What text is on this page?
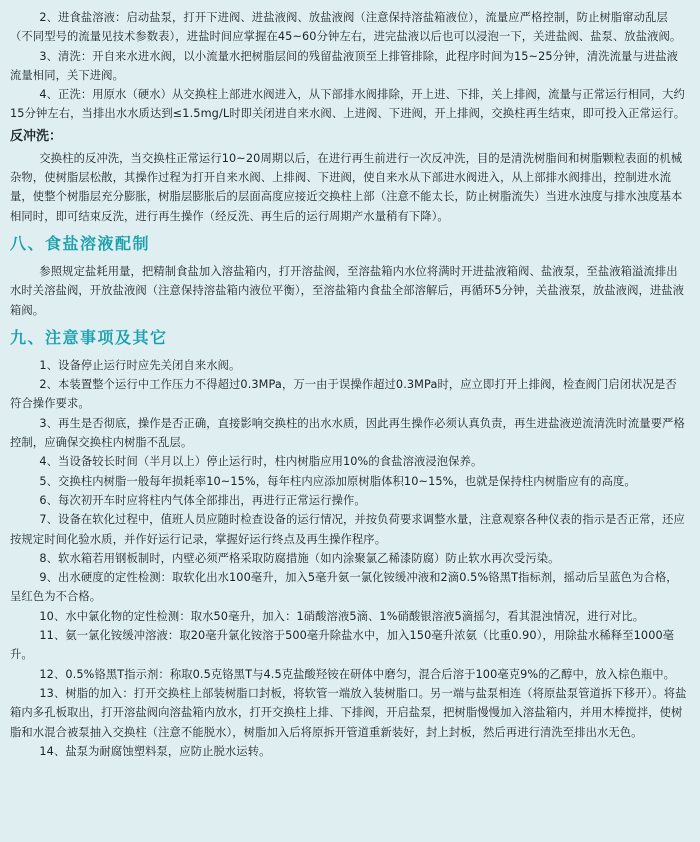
2、进食盐溶液：启动盐泵，打开下进阀、进盐液阀、放盐液阀（注意保持溶盐箱液位），流量应严格控制，防止树脂窜动乱层（不同型号的流量见技术参数表），进盐时间应掌握在45~60分钟左右，进完盐液以后也可以浸泡一下，关进盐阀、盐泵、放盐液阀。

3、清洗：开自来水进水阀，以小流量水把树脂层间的残留盐液顶至上排管排除，此程序时间为15~25分钟，清洗流量与进盐液流量相同，关下进阀。

4、正洗：用原水（硬水）从交换柱上部进水阀进入，从下部排水阀排除，开上进、下排，关上排阀，流量与正常运行相同，大约15分钟左右，当排出水水质达到≤1.5mg/L时即关闭进自来水阀、上进阀、下进阀，开上排阀，交换柱再生结束，即可投入正常运行。

反冲洗：

交换柱的反冲洗，当交换柱正常运行10~20周期以后，在进行再生前进行一次反冲洗，目的是清洗树脂间和树脂颗粒表面的机械杂物，使树脂层松散，其操作过程为打开自来水阀、上排阀、下进阀，使自来水从下部进水阀进入，从上部排水阀排出，控制进水流量，使整个树脂层充分膨胀，树脂层膨胀后的层面高度应接近交换柱上部（注意不能太长，防止树脂流失）当进水浊度与排水浊度基本相同时，即可结束反洗，进行再生操作（经反洗、再生后的运行周期产水量稍有下降）。

八、食盐溶液配制

参照规定盐耗用量，把精制食盐加入溶盐箱内，打开溶盐阀，至溶盐箱内水位将满时开进盐液箱阀、盐液泵，至盐液箱溢流排出水时关溶盐阀，开放盐液阀（注意保持溶盐箱内液位平衡），至溶盐箱内食盐全部溶解后，再循环5分钟，关盐液泵，放盐液阀，进盐液箱阀。

九、注意事项及其它

1、设备停止运行时应先关闭自来水阀。

2、本装置整个运行中工作压力不得超过0.3MPa，万一由于误操作超过0.3MPa时，应立即打开上排阀，检查阀门启闭状况是否符合操作要求。

3、再生是否彻底，操作是否正确，直接影响交换柱的出水水质，因此再生操作必须认真负责，再生进盐液逆流清洗时流量要严格控制，应确保交换柱内树脂不乱层。

4、当设备较长时间（半月以上）停止运行时，柱内树脂应用10%的食盐溶液浸泡保养。

5、交换柱内树脂一般每年损耗率10~15%，每年柱内应添加原树脂体积10~15%，也就是保持柱内树脂应有的高度。

6、每次初开车时应将柱内气体全部排出，再进行正常运行操作。

7、设备在软化过程中，值班人员应随时检查设备的运行情况，并按负荷要求调整水量，注意观察各种仪表的指示是否正常，还应按规定时间化验水质，并作好运行记录，掌握好运行终点及再生操作程序。

8、软水箱若用钢板制时，内壁必须严格采取防腐措施（如内涂聚氯乙稀漆防腐）防止软水再次受污染。

9、出水硬度的定性检测：取软化出水100毫升，加入5毫升氨一氯化铵缓冲液和2滴0.5%铬黑T指标剂，摇动后呈蓝色为合格，呈红色为不合格。

10、水中氯化物的定性检测：取水50毫升，加入：1硝酸溶液5滴、1%硝酸银溶液5滴摇匀，看其混浊情况，进行对比。

11、氨一氯化铵缓冲溶液：取20毫升氯化铵溶于500毫升除盐水中，加入150毫升浓氨（比重0.90），用除盐水稀释至1000毫升。

12、0.5%铬黑T指示剂：称取0.5克铬黑T与4.5克盐酸羟铵在研体中磨匀，混合后溶于100毫克9%的乙醇中，放入棕色瓶中。

13、树脂的加入：打开交换柱上部装树脂口封板，将软管一端放入装树脂口。另一端与盐泵相连（将原盐泵管道拆下移开）。将盐箱内多孔板取出，打开溶盐阀向溶盐箱内放水，打开交换柱上排、下排阀，开启盐泵，把树脂慢慢加入溶盐箱内，并用木棒搅拌，使树脂和水混合被泵抽入交换柱（注意不能脱水），树脂加入后将原拆开管道重新装好，封上封板，然后再进行清洗至排出水无色。

14、盐泵为耐腐蚀塑料泵，应防止脱水运转。
